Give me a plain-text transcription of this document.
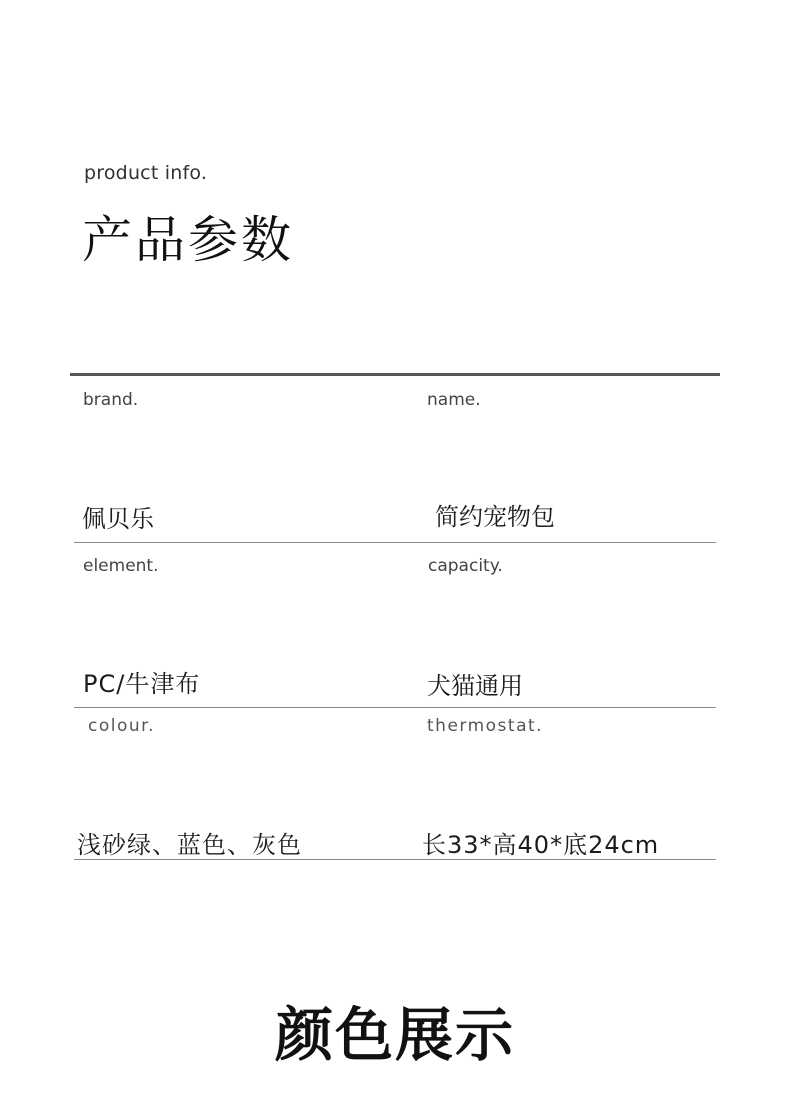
product info.
产品参数
brand.	name.
佩贝乐	简约宠物包
element.	capacity.
PC/牛津布	犬猫通用
colour.	thermostat.
浅砂绿、蓝色、灰色	长33*高40*底24cm
颜色展示
